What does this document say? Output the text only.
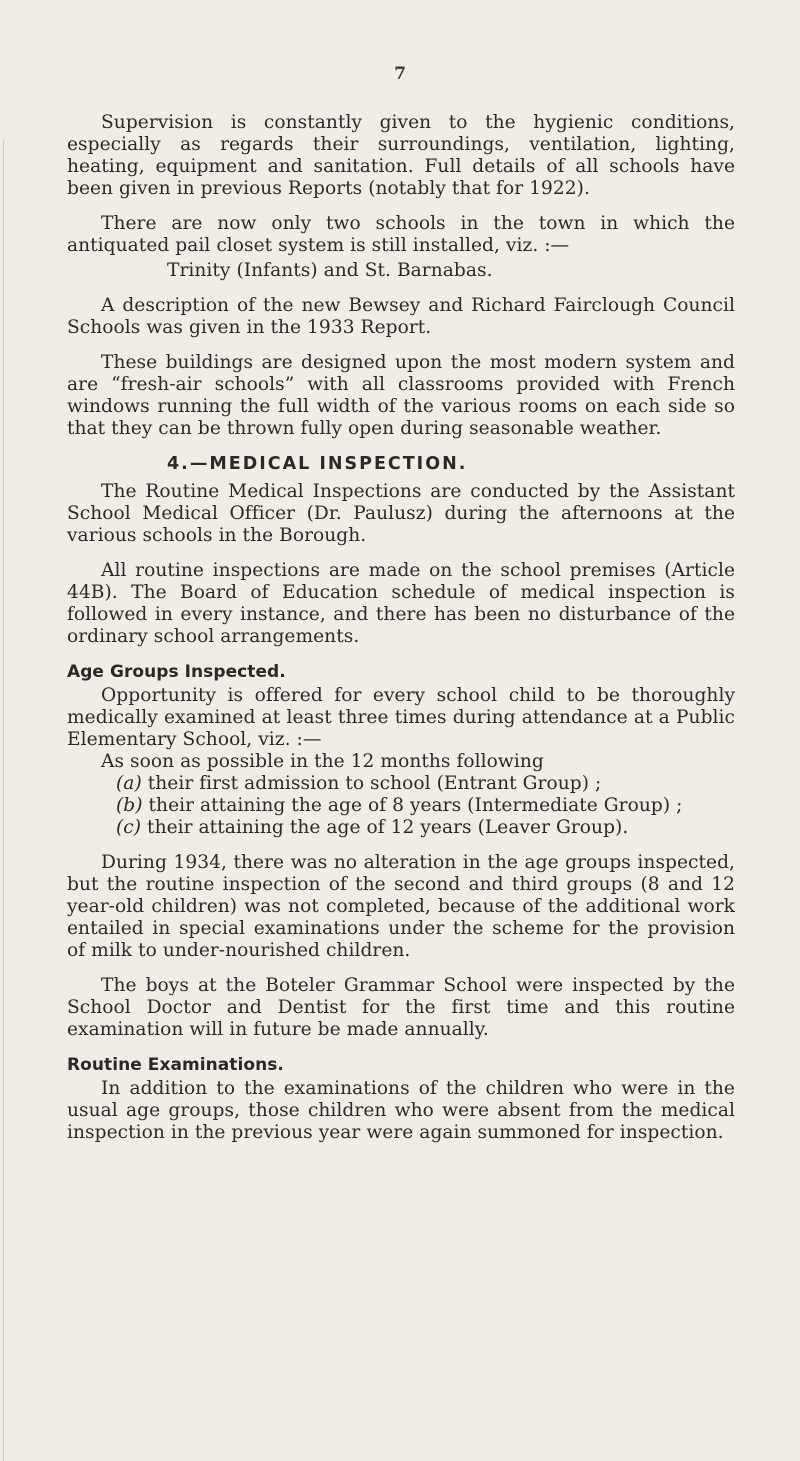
7

Supervision is constantly given to the hygienic conditions, especially as regards their surroundings, ventilation, lighting, heating, equipment and sanitation. Full details of all schools have been given in previous Reports (notably that for 1922).

There are now only two schools in the town in which the antiquated pail closet system is still installed, viz. :—

Trinity (Infants) and St. Barnabas.

A description of the new Bewsey and Richard Fairclough Council Schools was given in the 1933 Report.

These buildings are designed upon the most modern system and are “fresh-air schools” with all classrooms provided with French windows running the full width of the various rooms on each side so that they can be thrown fully open during seasonable weather.

4.—MEDICAL INSPECTION.

The Routine Medical Inspections are conducted by the Assistant School Medical Officer (Dr. Paulusz) during the afternoons at the various schools in the Borough.

All routine inspections are made on the school premises (Article 44B). The Board of Education schedule of medical inspection is followed in every instance, and there has been no disturbance of the ordinary school arrangements.

Age Groups Inspected.

Opportunity is offered for every school child to be thoroughly medically examined at least three times during attendance at a Public Elementary School, viz. :—

As soon as possible in the 12 months following

(a) their first admission to school (Entrant Group) ;

(b) their attaining the age of 8 years (Intermediate Group) ;

(c) their attaining the age of 12 years (Leaver Group).

During 1934, there was no alteration in the age groups inspected, but the routine inspection of the second and third groups (8 and 12 year-old children) was not completed, because of the additional work entailed in special examinations under the scheme for the provision of milk to under-nourished children.

The boys at the Boteler Grammar School were inspected by the School Doctor and Dentist for the first time and this routine examination will in future be made annually.

Routine Examinations.

In addition to the examinations of the children who were in the usual age groups, those children who were absent from the medical inspection in the previous year were again summoned for inspection.
